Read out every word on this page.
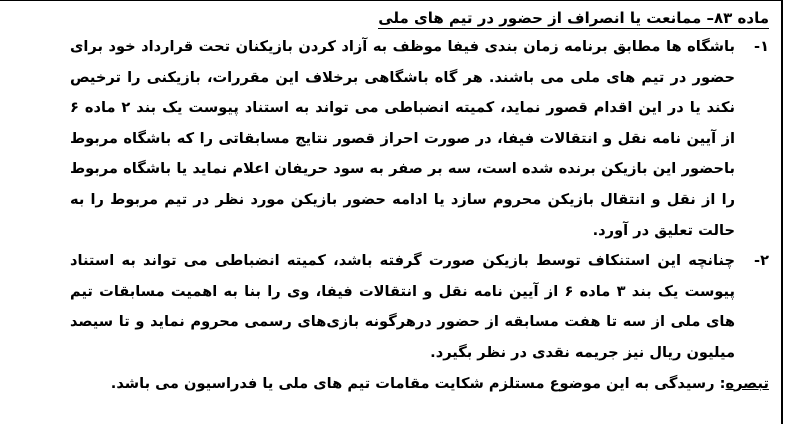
ماده ۸۳– ممانعت یا انصراف از حضور در تیم های ملی
۱-
باشگاه ها مطابق برنامه زمان بندی فیفا موظف به آزاد کردن بازیکنان تحت قرارداد خود برای حضور در تیم های ملی می باشند. هر گاه باشگاهی برخلاف این مقررات، بازیکنی را ترخیص نکند یا در این اقدام قصور نماید، کمیته انضباطی می تواند به استناد پیوست یک بند ۲ ماده ۶ از آیین نامه نقل و انتقالات فیفا، در صورت احراز قصور نتایج مسابقاتی را که باشگاه مربوط باحضور این بازیکن برنده شده است، سه بر صفر به سود حریفان اعلام نماید یا باشگاه مربوط را از نقل و انتقال بازیکن محروم سازد یا ادامه حضور بازیکن مورد نظر در تیم مربوط را به حالت تعلیق در آورد.
۲-
چنانچه این استنکاف توسط بازیکن صورت گرفته باشد، کمیته انضباطی می تواند به استناد پیوست یک بند ۳ ماده ۶ از آیین نامه نقل و انتقالات فیفا، وی را بنا به اهمیت مسابقات تیم های ملی از سه تا هفت مسابقه از حضور درهرگونه بازی‌های رسمی محروم نماید و تا سیصد میلیون ریال نیز جریمه نقدی در نظر بگیرد.
تبصره: رسیدگی به این موضوع مستلزم شکایت مقامات تیم های ملی یا فدراسیون می باشد.
